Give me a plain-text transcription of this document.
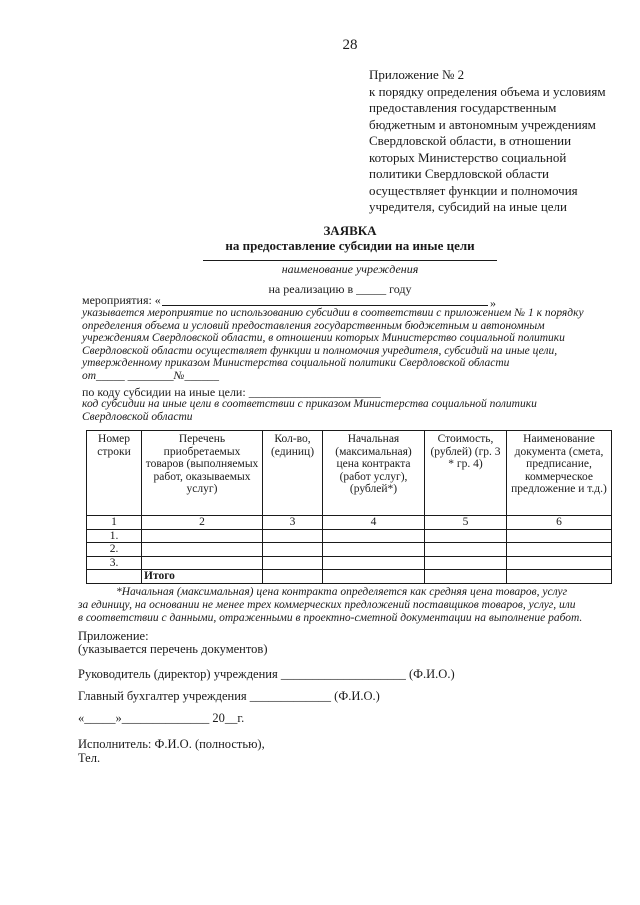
28
Приложение № 2
к порядку определения объема и условиям
предоставления государственным
бюджетным и автономным учреждениям
Свердловской области, в отношении
которых Министерство социальной
политики Свердловской области
осуществляет функции и полномочия
учредителя, субсидий на иные цели
ЗАЯВКА
на предоставление субсидии на иные цели
наименование учреждения
на реализацию в _____ году
мероприятия: «	»
указывается мероприятие по использованию субсидии в соответствии с приложением № 1 к порядку
определения объема и условий предоставления государственным бюджетным и автономным
учреждениям Свердловской области, в отношении которых Министерство социальной политики
Свердловской области осуществляет функции и полномочия учредителя, субсидий на иные цели,
утвержденному приказом Министерства социальной политики Свердловской области
от_____ ________№______
по коду субсидии на иные цели: ______________________
код субсидии на иные цели в соответствии с приказом Министерства социальной политики
Свердловской области
Номер строки	Перечень приобретаемых товаров (выполняемых работ, оказываемых услуг)	Кол-во, (единиц)	Начальная (максимальная) цена контракта (работ услуг), (рублей*)	Стоимость, (рублей) (гр. 3 * гр. 4)	Наименование документа (смета, предписание, коммерческое предложение и т.д.)
1	2	3	4	5	6
1.					
2.					
3.					
	Итого				
*Начальная (максимальная) цена контракта определяется как средняя цена товаров, услуг
за единицу, на основании не менее трех коммерческих предложений поставщиков товаров, услуг, или
в соответствии с данными, отраженными в проектно-сметной документации на выполнение работ.
Приложение:
(указывается перечень документов)
Руководитель (директор) учреждения ____________________ (Ф.И.О.)
Главный бухгалтер учреждения _____________ (Ф.И.О.)
«_____»______________ 20__г.
Исполнитель: Ф.И.О. (полностью),
Тел.
